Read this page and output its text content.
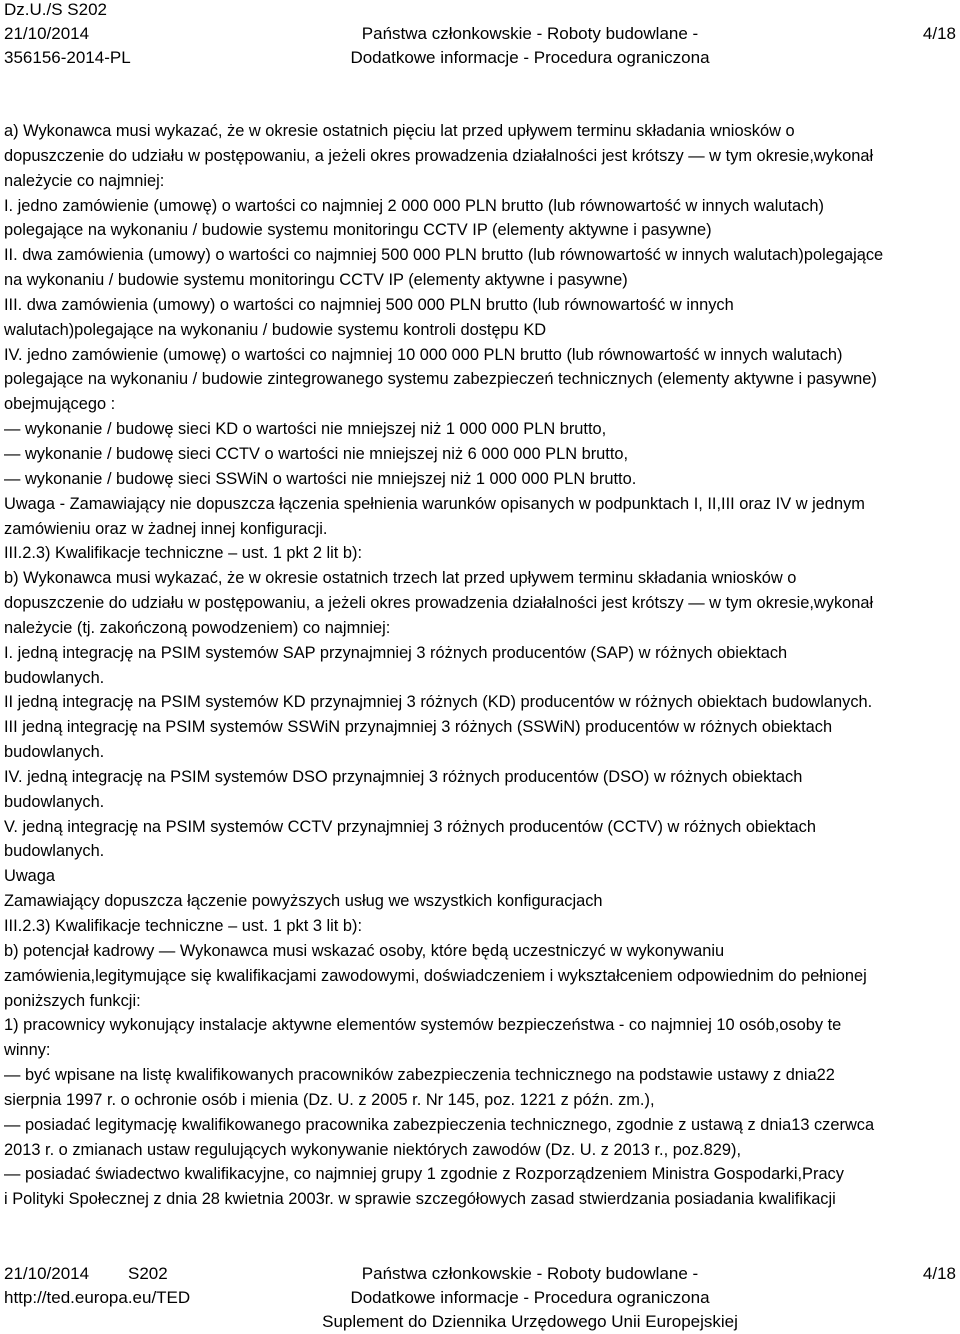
Dz.U./S S202
21/10/2014	Państwa członkowskie - Roboty budowlane -	4/18
356156-2014-PL	Dodatkowe informacje - Procedura ograniczona
a) Wykonawca musi wykazać, że w okresie ostatnich pięciu lat przed upływem terminu składania wniosków o
dopuszczenie do udziału w postępowaniu, a jeżeli okres prowadzenia działalności jest krótszy — w tym okresie,wykonał
należycie co najmniej:
I. jedno zamówienie (umowę) o wartości co najmniej 2 000 000 PLN brutto (lub równowartość w innych walutach)
polegające na wykonaniu / budowie systemu monitoringu CCTV IP (elementy aktywne i pasywne)
II. dwa zamówienia (umowy) o wartości co najmniej 500 000 PLN brutto (lub równowartość w innych walutach)polegające
na wykonaniu / budowie systemu monitoringu CCTV IP (elementy aktywne i pasywne)
III. dwa zamówienia (umowy) o wartości co najmniej 500 000 PLN brutto (lub równowartość w innych
walutach)polegające na wykonaniu / budowie systemu kontroli dostępu KD
IV. jedno zamówienie (umowę) o wartości co najmniej 10 000 000 PLN brutto (lub równowartość w innych walutach)
polegające na wykonaniu / budowie zintegrowanego systemu zabezpieczeń technicznych (elementy aktywne i pasywne)
obejmującego :
— wykonanie / budowę sieci KD o wartości nie mniejszej niż 1 000 000 PLN brutto,
— wykonanie / budowę sieci CCTV o wartości nie mniejszej niż 6 000 000 PLN brutto,
— wykonanie / budowę sieci SSWiN o wartości nie mniejszej niż 1 000 000 PLN brutto.
Uwaga - Zamawiający nie dopuszcza łączenia spełnienia warunków opisanych w podpunktach I, II,III oraz IV w jednym
zamówieniu oraz w żadnej innej konfiguracji.
III.2.3) Kwalifikacje techniczne – ust. 1 pkt 2 lit b):
b) Wykonawca musi wykazać, że w okresie ostatnich trzech lat przed upływem terminu składania wniosków o
dopuszczenie do udziału w postępowaniu, a jeżeli okres prowadzenia działalności jest krótszy — w tym okresie,wykonał
należycie (tj. zakończoną powodzeniem) co najmniej:
I. jedną integrację na PSIM systemów SAP przynajmniej 3 różnych producentów (SAP) w różnych obiektach
budowlanych.
II jedną integrację na PSIM systemów KD przynajmniej 3 różnych (KD) producentów w różnych obiektach budowlanych.
III jedną integrację na PSIM systemów SSWiN przynajmniej 3 różnych (SSWiN) producentów w różnych obiektach
budowlanych.
IV. jedną integrację na PSIM systemów DSO przynajmniej 3 różnych producentów (DSO) w różnych obiektach
budowlanych.
V. jedną integrację na PSIM systemów CCTV przynajmniej 3 różnych producentów (CCTV) w różnych obiektach
budowlanych.
Uwaga
Zamawiający dopuszcza łączenie powyższych usług we wszystkich konfiguracjach
III.2.3) Kwalifikacje techniczne – ust. 1 pkt 3 lit b):
b) potencjał kadrowy — Wykonawca musi wskazać osoby, które będą uczestniczyć w wykonywaniu
zamówienia,legitymujące się kwalifikacjami zawodowymi, doświadczeniem i wykształceniem odpowiednim do pełnionej
poniższych funkcji:
1) pracownicy wykonujący instalacje aktywne elementów systemów bezpieczeństwa - co najmniej 10 osób,osoby te
winny:
— być wpisane na listę kwalifikowanych pracowników zabezpieczenia technicznego na podstawie ustawy z dnia22
sierpnia 1997 r. o ochronie osób i mienia (Dz. U. z 2005 r. Nr 145, poz. 1221 z późn. zm.),
— posiadać legitymację kwalifikowanego pracownika zabezpieczenia technicznego, zgodnie z ustawą z dnia13 czerwca
2013 r. o zmianach ustaw regulujących wykonywanie niektórych zawodów (Dz. U. z 2013 r., poz.829),
— posiadać świadectwo kwalifikacyjne, co najmniej grupy 1 zgodnie z Rozporządzeniem Ministra Gospodarki,Pracy
i Polityki Społecznej z dnia 28 kwietnia 2003r. w sprawie szczegółowych zasad stwierdzania posiadania kwalifikacji
21/10/2014 S202	Państwa członkowskie - Roboty budowlane -	4/18
http://ted.europa.eu/TED	Dodatkowe informacje - Procedura ograniczona
Suplement do Dziennika Urzędowego Unii Europejskiej
